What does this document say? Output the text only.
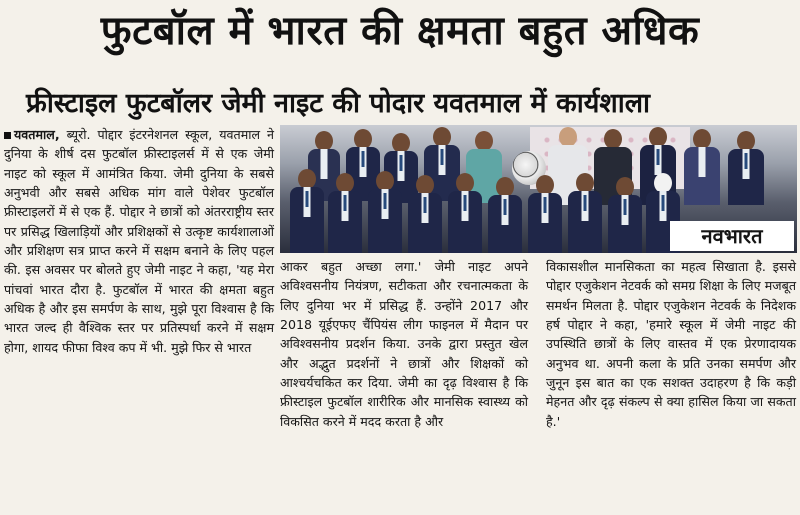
फुटबॉल में भारत की क्षमता बहुत अधिक
फ्रीस्टाइल फुटबॉलर जेमी नाइट की पोदार यवतमाल में कार्यशाला
यवतमाल, ब्यूरो. पोद्दार इंटरनेशनल स्कूल, यवतमाल ने दुनिया के शीर्ष दस फुटबॉल फ्रीस्टाइलर्स में से एक जेमी नाइट को स्कूल में आमंत्रित किया. जेमी दुनिया के सबसे अनुभवी और सबसे अधिक मांग वाले पेशेवर फुटबॉल फ्रीस्टाइलरों में से एक हैं. पोद्दार ने छात्रों को अंतरराष्ट्रीय स्तर पर प्रसिद्ध खिलाड़ियों और प्रशिक्षकों से उत्कृष्ट कार्यशालाओं और प्रशिक्षण सत्र प्राप्त करने में सक्षम बनाने के लिए पहल की. इस अवसर पर बोलते हुए जेमी नाइट ने कहा, 'यह मेरा पांचवां भारत दौरा है. फुटबॉल में भारत की क्षमता बहुत अधिक है और इस समर्पण के साथ, मुझे पूरा विश्वास है कि भारत जल्द ही वैश्विक स्तर पर प्रतिस्पर्धा करने में सक्षम होगा, शायद फीफा विश्व कप में भी. मुझे फिर से भारत
नवभारत
आकर बहुत अच्छा लगा.' जेमी नाइट अपने अविश्वसनीय नियंत्रण, सटीकता और रचनात्मकता के लिए दुनिया भर में प्रसिद्ध हैं. उन्होंने 2017 और 2018 यूईएफए चैंपियंस लीग फाइनल में मैदान पर अविश्वसनीय प्रदर्शन किया. उनके द्वारा प्रस्तुत खेल और अद्भुत प्रदर्शनों ने छात्रों और शिक्षकों को आश्चर्यचकित कर दिया. जेमी का दृढ़ विश्वास है कि फ्रीस्टाइल फुटबॉल शारीरिक और मानसिक स्वास्थ्य को विकसित करने में मदद करता है और
विकासशील मानसिकता का महत्व सिखाता है. इससे पोद्दार एजुकेशन नेटवर्क को समग्र शिक्षा के लिए मजबूत समर्थन मिलता है. पोद्दार एजुकेशन नेटवर्क के निदेशक हर्ष पोद्दार ने कहा, 'हमारे स्कूल में जेमी नाइट की उपस्थिति छात्रों के लिए वास्तव में एक प्रेरणादायक अनुभव था. अपनी कला के प्रति उनका समर्पण और जुनून इस बात का एक सशक्त उदाहरण है कि कड़ी मेहनत और दृढ़ संकल्प से क्या हासिल किया जा सकता है.'
